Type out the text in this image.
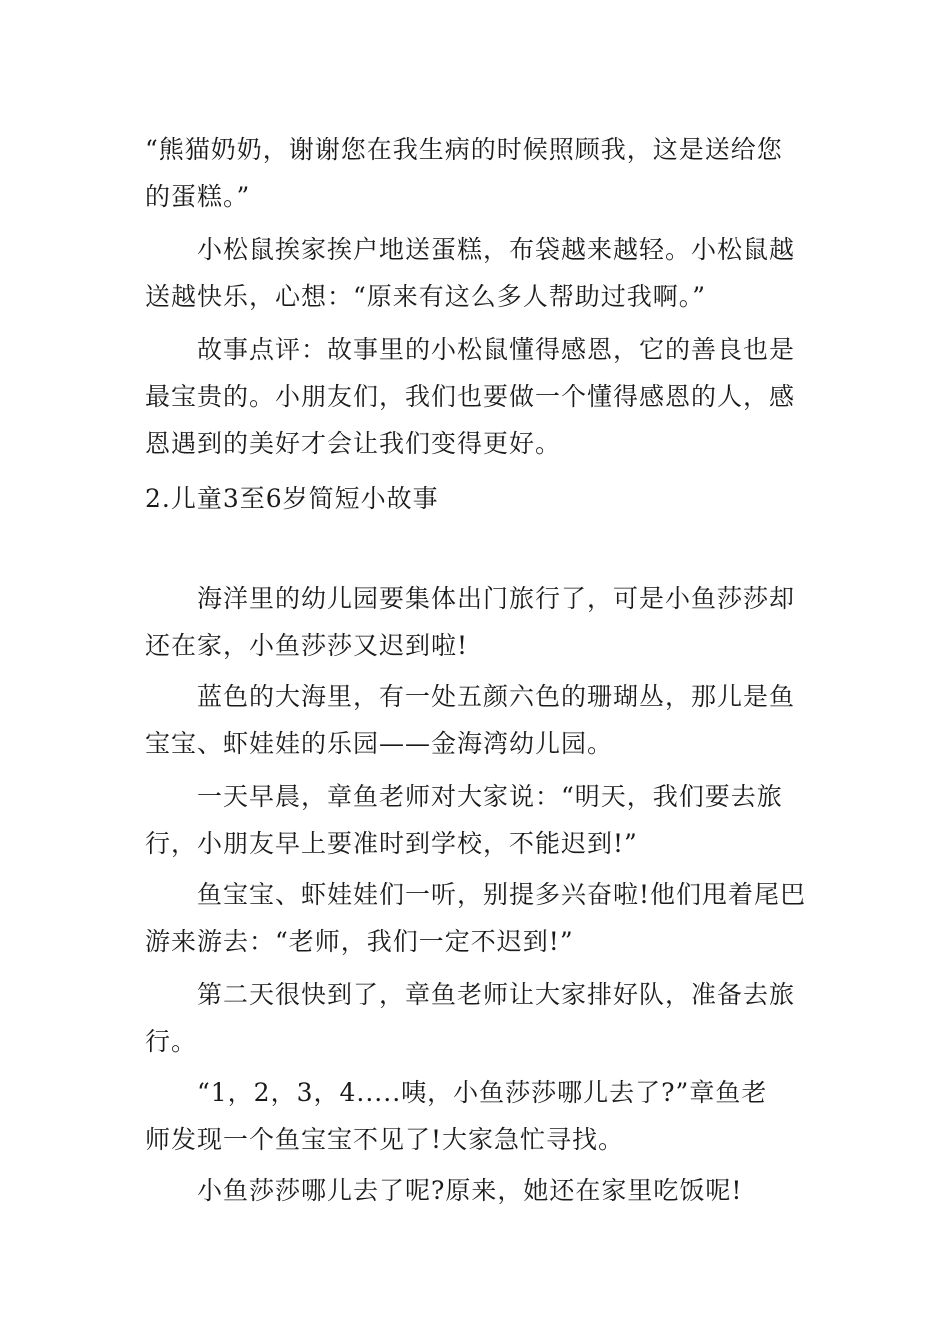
“熊猫奶奶，谢谢您在我生病的时候照顾我，这是送给您
的蛋糕。”
小松鼠挨家挨户地送蛋糕，布袋越来越轻。小松鼠越
送越快乐，心想：“原来有这么多人帮助过我啊。”
故事点评：故事里的小松鼠懂得感恩，它的善良也是
最宝贵的。小朋友们，我们也要做一个懂得感恩的人，感
恩遇到的美好才会让我们变得更好。
2.儿童3至6岁简短小故事
海洋里的幼儿园要集体出门旅行了，可是小鱼莎莎却
还在家，小鱼莎莎又迟到啦!
蓝色的大海里，有一处五颜六色的珊瑚丛，那儿是鱼
宝宝、虾娃娃的乐园——金海湾幼儿园。
一天早晨，章鱼老师对大家说：“明天，我们要去旅
行，小朋友早上要准时到学校，不能迟到!”
鱼宝宝、虾娃娃们一听，别提多兴奋啦!他们甩着尾巴
游来游去：“老师，我们一定不迟到!”
第二天很快到了，章鱼老师让大家排好队，准备去旅
行。
“1，2，3，4.....咦，小鱼莎莎哪儿去了?”章鱼老
师发现一个鱼宝宝不见了!大家急忙寻找。
小鱼莎莎哪儿去了呢?原来，她还在家里吃饭呢!
